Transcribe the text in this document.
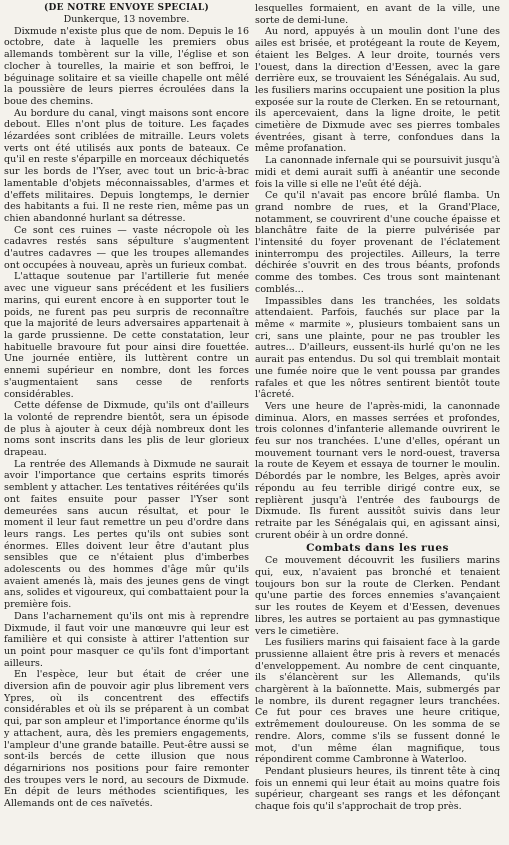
(DE NOTRE ENVOYÉ SPÉCIAL)

Dunkerque, 13 novembre.

Dixmude n'existe plus que de nom. Depuis le 16 octobre, date à laquelle les premiers obus allemands tombèrent sur la ville, l'église et son clocher à tourelles, la mairie et son beffroi, le béguinage solitaire et sa vieille chapelle ont mêlé la poussière de leurs pierres écroulées dans la boue des chemins.

Au bordure du canal, vingt maisons sont encore debout. Elles n'ont plus de toiture. Les façades lézardées sont criblées de mitraille. Leurs volets verts ont été utilisés aux ponts de bateaux. Ce qu'il en reste s'éparpille en morceaux déchiquetés sur les bords de l'Yser, avec tout un bric-à-brac lamentable d'objets méconnaissables, d'armes et d'effets militaires. Depuis longtemps, le dernier des habitants a fui. Il ne reste rien, même pas un chien abandonné hurlant sa détresse.

Ce sont ces ruines — vaste nécropole où les cadavres restés sans sépulture s'augmentent d'autres cadavres — que les troupes allemandes ont occupées à nouveau, après un furieux combat.

L'attaque soutenue par l'artillerie fut menée avec une vigueur sans précédent et les fusiliers marins, qui eurent encore à en supporter tout le poids, ne furent pas peu surpris de reconnaître que la majorité de leurs adversaires appartenait à la garde prussienne. De cette constatation, leur habituelle bravoure fut pour ainsi dire fouettée. Une journée entière, ils luttèrent contre un ennemi supérieur en nombre, dont les forces s'augmentaient sans cesse de renforts considérables.

Cette défense de Dixmude, qu'ils ont d'ailleurs la volonté de reprendre bientôt, sera un épisode de plus à ajouter à ceux déjà nombreux dont les noms sont inscrits dans les plis de leur glorieux drapeau.

La rentrée des Allemands à Dixmude ne saurait avoir l'importance que certains esprits timorés semblent y attacher. Les tentatives réitérées qu'ils ont faites ensuite pour passer l'Yser sont demeurées sans aucun résultat, et pour le moment il leur faut remettre un peu d'ordre dans leurs rangs. Les pertes qu'ils ont subies sont énormes. Elles doivent leur être d'autant plus sensibles que ce n'étaient plus d'imberbes adolescents ou des hommes d'âge mûr qu'ils avaient amenés là, mais des jeunes gens de vingt ans, solides et vigoureux, qui combattaient pour la première fois.

Dans l'acharnement qu'ils ont mis à reprendre Dixmude, il faut voir une manœuvre qui leur est familière et qui consiste à attirer l'attention sur un point pour masquer ce qu'ils font d'important ailleurs.

En l'espèce, leur but était de créer une diversion afin de pouvoir agir plus librement vers Ypres, où ils concentrent des effectifs considérables et où ils se préparent à un combat qui, par son ampleur et l'importance énorme qu'ils y attachent, aura, dès les premiers engagements, l'ampleur d'une grande bataille. Peut-être aussi se sont-ils bercés de cette illusion que nous dégarnirions nos positions pour faire remonter des troupes vers le nord, au secours de Dixmude. En dépit de leurs méthodes scientifiques, les Allemands ont de ces naïvetés.

lesquelles formaient, en avant de la ville, une sorte de demi-lune.

Au nord, appuyés à un moulin dont l'une des ailes est brisée, et protégeant la route de Keyem, étaient les Belges. A leur droite, tournés vers l'ouest, dans la direction d'Eessen, avec la gare derrière eux, se trouvaient les Sénégalais. Au sud, les fusiliers marins occupaient une position la plus exposée sur la route de Clerken. En se retournant, ils apercevaient, dans la ligne droite, le petit cimetière de Dixmude avec ses pierres tombales éventrées, gisant à terre, confondues dans la même profanation.

La canonnade infernale qui se poursuivit jusqu'à midi et demi aurait suffi à anéantir une seconde fois la ville si elle ne l'eût été déjà.

Ce qu'il n'avait pas encore brûlé flamba. Un grand nombre de rues, et la Grand'Place, notamment, se couvrirent d'une couche épaisse et blanchâtre faite de la pierre pulvérisée par l'intensité du foyer provenant de l'éclatement ininterrompu des projectiles. Ailleurs, la terre déchirée s'ouvrit en des trous béants, profonds comme des tombes. Ces trous sont maintenant comblés...

Impassibles dans les tranchées, les soldats attendaient. Parfois, fauchés sur place par la même « marmite », plusieurs tombaient sans un cri, sans une plainte, pour ne pas troubler les autres... D'ailleurs, eussent-ils hurlé qu'on ne les aurait pas entendus. Du sol qui tremblait montait une fumée noire que le vent poussa par grandes rafales et que les nôtres sentirent bientôt toute l'âcreté.

Vers une heure de l'après-midi, la canonnade diminua. Alors, en masses serrées et profondes, trois colonnes d'infanterie allemande ouvrirent le feu sur nos tranchées. L'une d'elles, opérant un mouvement tournant vers le nord-ouest, traversa la route de Keyem et essaya de tourner le moulin. Débordés par le nombre, les Belges, après avoir répondu au feu terrible dirigé contre eux, se replièrent jusqu'à l'entrée des faubourgs de Dixmude. Ils furent aussitôt suivis dans leur retraite par les Sénégalais qui, en agissant ainsi, crurent obéir à un ordre donné.

Combats dans les rues

Ce mouvement découvrit les fusiliers marins qui, eux, n'avaient pas bronché et tenaient toujours bon sur la route de Clerken. Pendant qu'une partie des forces ennemies s'avançaient sur les routes de Keyem et d'Eessen, devenues libres, les autres se portaient au pas gymnastique vers le cimetière.

Les fusiliers marins qui faisaient face à la garde prussienne allaient être pris à revers et menacés d'enveloppement. Au nombre de cent cinquante, ils s'élancèrent sur les Allemands, qu'ils chargèrent à la baïonnette. Mais, submergés par le nombre, ils durent regagner leurs tranchées. Ce fut pour ces braves une heure critique, extrêmement douloureuse. On les somma de se rendre. Alors, comme s'ils se fussent donné le mot, d'un même élan magnifique, tous répondirent comme Cambronne à Waterloo.

Pendant plusieurs heures, ils tinrent tête à cinq fois un ennemi qui leur était au moins quatre fois supérieur, chargeant ses rangs et les défonçant chaque fois qu'il s'approchait de trop près.
